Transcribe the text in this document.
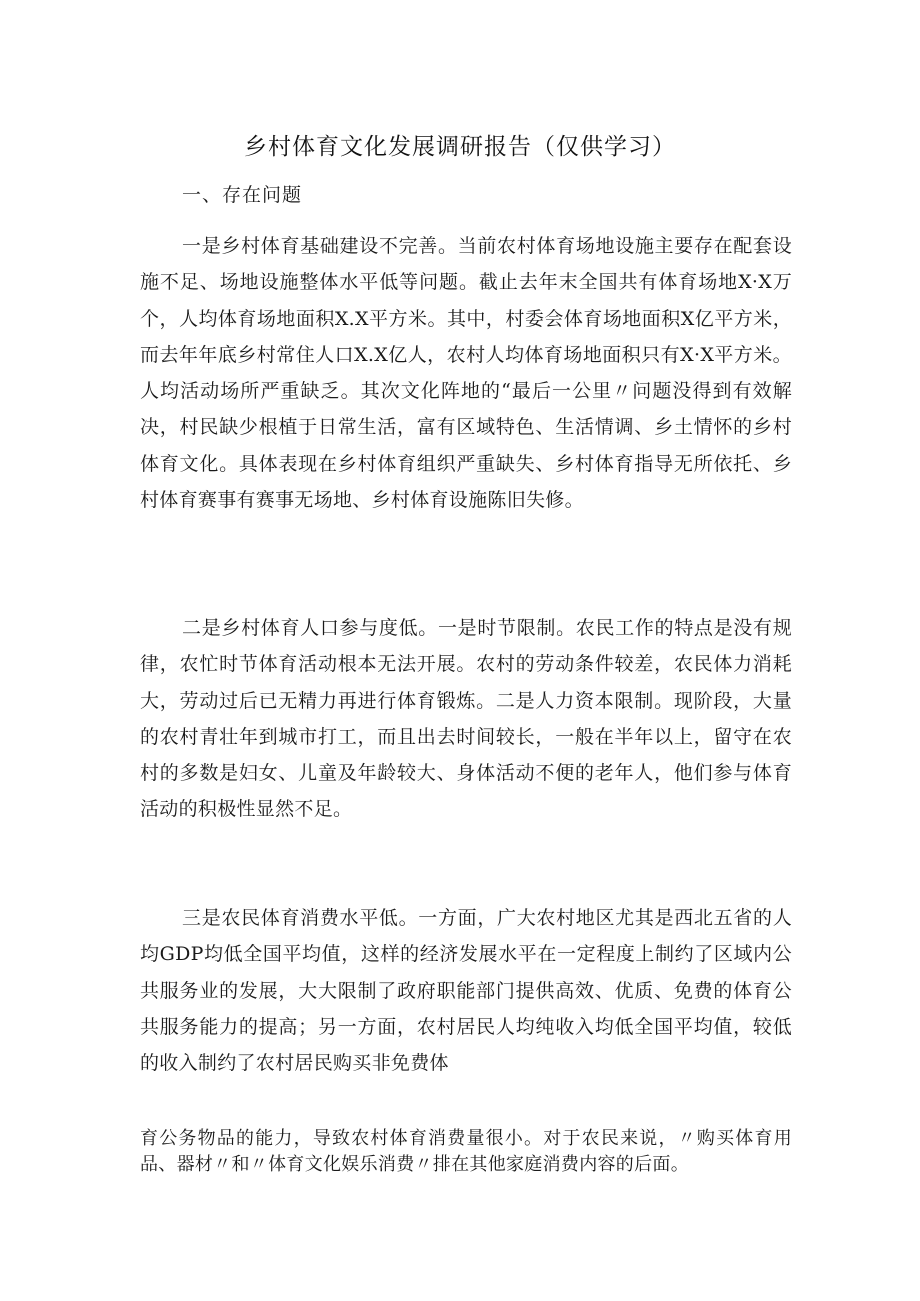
乡村体育文化发展调研报告（仅供学习）
一、存在问题

一是乡村体育基础建设不完善。当前农村体育场地设施主要存在配套设施不足、场地设施整体水平低等问题。截止去年末全国共有体育场地X·X万个，人均体育场地面积X.X平方米。其中，村委会体育场地面积X亿平方米，而去年年底乡村常住人口X.X亿人，农村人均体育场地面积只有X·X平方米。人均活动场所严重缺乏。其次文化阵地的“最后一公里〃问题没得到有效解决，村民缺少根植于日常生活，富有区域特色、生活情调、乡土情怀的乡村体育文化。具体表现在乡村体育组织严重缺失、乡村体育指导无所依托、乡村体育赛事有赛事无场地、乡村体育设施陈旧失修。

二是乡村体育人口参与度低。一是时节限制。农民工作的特点是没有规律，农忙时节体育活动根本无法开展。农村的劳动条件较差，农民体力消耗大，劳动过后已无精力再进行体育锻炼。二是人力资本限制。现阶段，大量的农村青壮年到城市打工，而且出去时间较长，一般在半年以上，留守在农村的多数是妇女、儿童及年龄较大、身体活动不便的老年人，他们参与体育活动的积极性显然不足。

三是农民体育消费水平低。一方面，广大农村地区尤其是西北五省的人均GDP均低全国平均值，这样的经济发展水平在一定程度上制约了区域内公共服务业的发展，大大限制了政府职能部门提供高效、优质、免费的体育公共服务能力的提高；另一方面，农村居民人均纯收入均低全国平均值，较低的收入制约了农村居民购买非免费体

育公务物品的能力，导致农村体育消费量很小。对于农民来说，〃购买体育用品、器材〃和〃体育文化娱乐消费〃排在其他家庭消费内容的后面。
